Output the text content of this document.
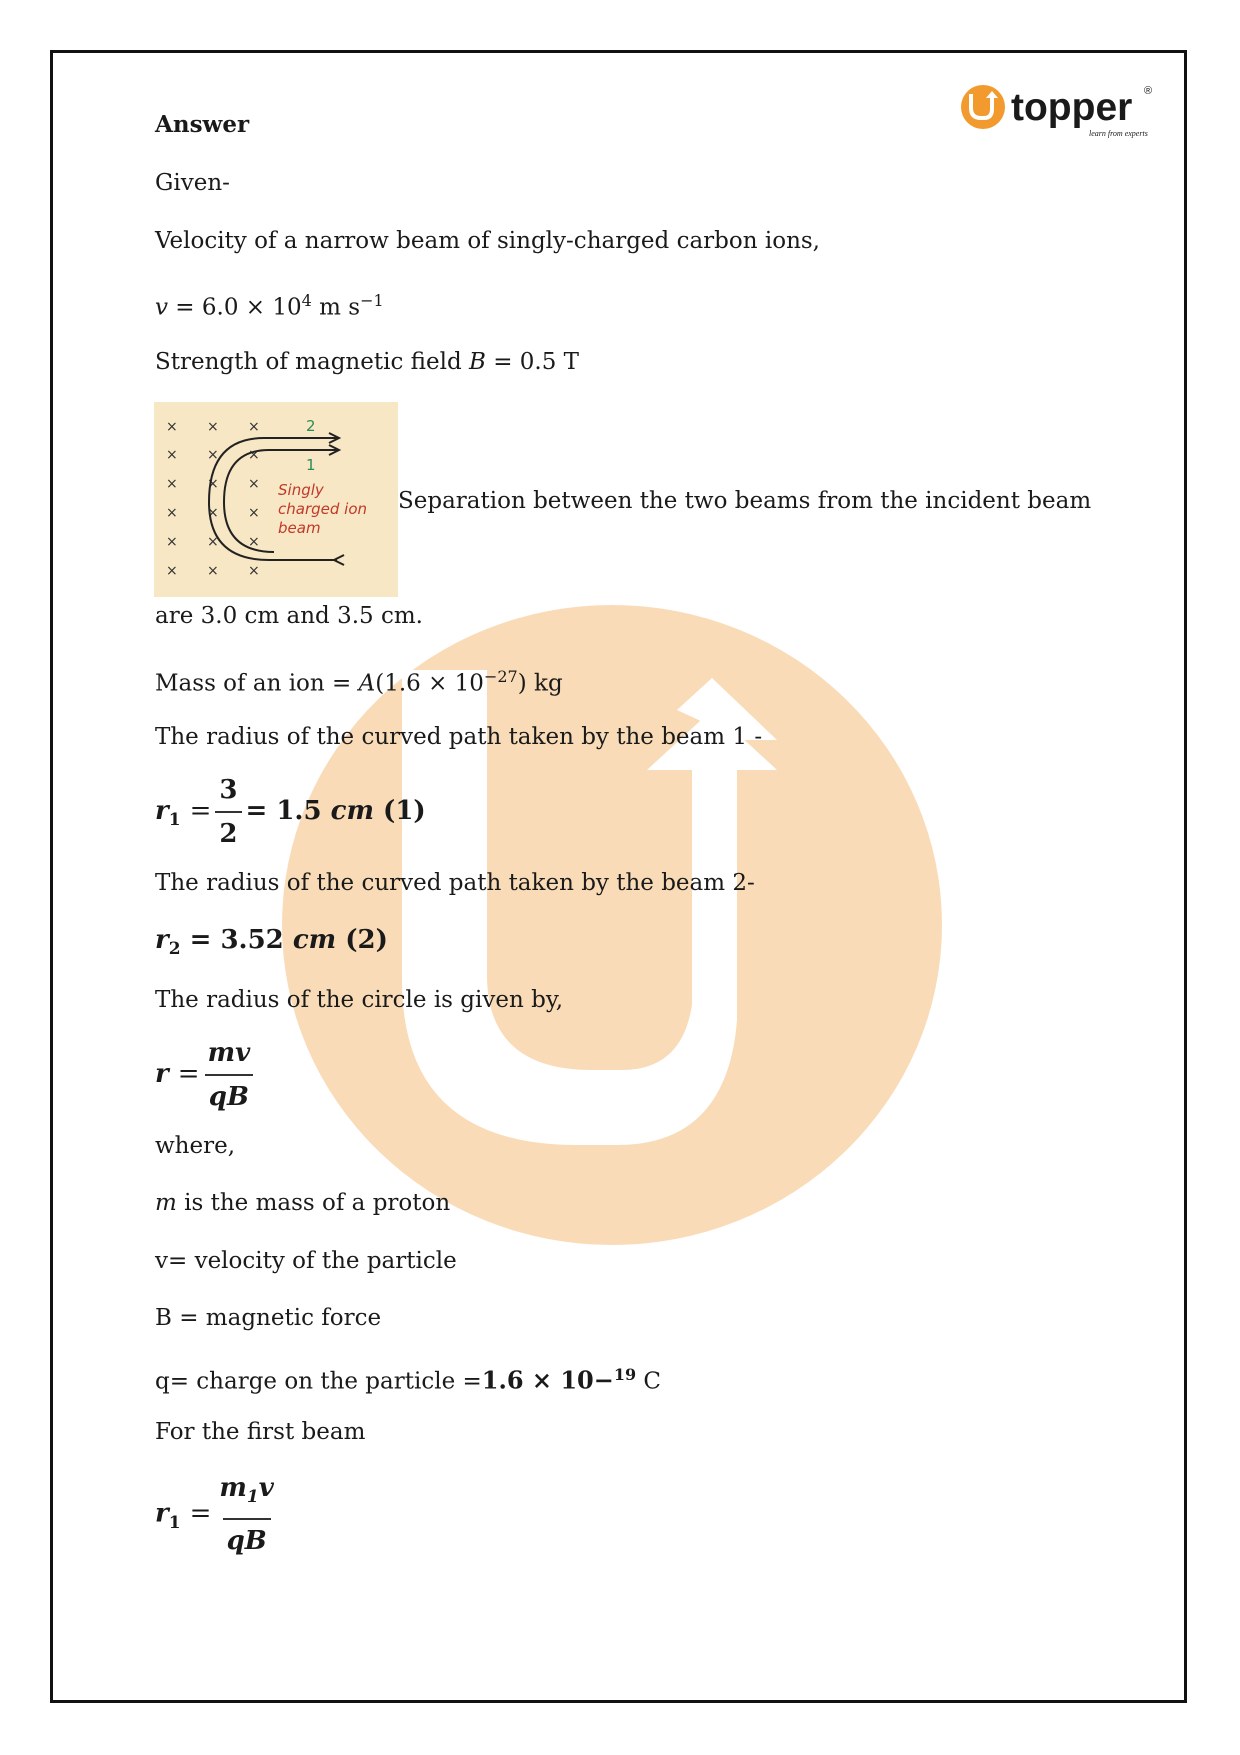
topper ®
learn from experts
Answer
Given-
Velocity of a narrow beam of singly-charged carbon ions,
$v = 6.0 \times 10^4$ m $s^{-1}$
Strength of magnetic field B = 0.5 T
× × ×
× × ×
× × ×
× × ×
× × ×
× × ×
2
1
Singly
charged ion
beam
Separation between the two beams from the incident beam
are 3.0 cm and 3.5 cm.
Mass of an ion = $A(1.6 \times 10^{-27})$ kg
The radius of the curved path taken by the beam 1 -
$r_1 = \frac{3}{2} = 1.5$ cm (1)
The radius of the curved path taken by the beam 2-
$r_2 = 3.52$ cm (2)
The radius of the circle is given by,
$r = \frac{mv}{qB}$
where,
m is the mass of a proton
v= velocity of the particle
B = magnetic force
q= charge on the particle =1.6 × 10−$^{19}$ C
For the first beam
$r_1 = \frac{m_1v}{qB}$
